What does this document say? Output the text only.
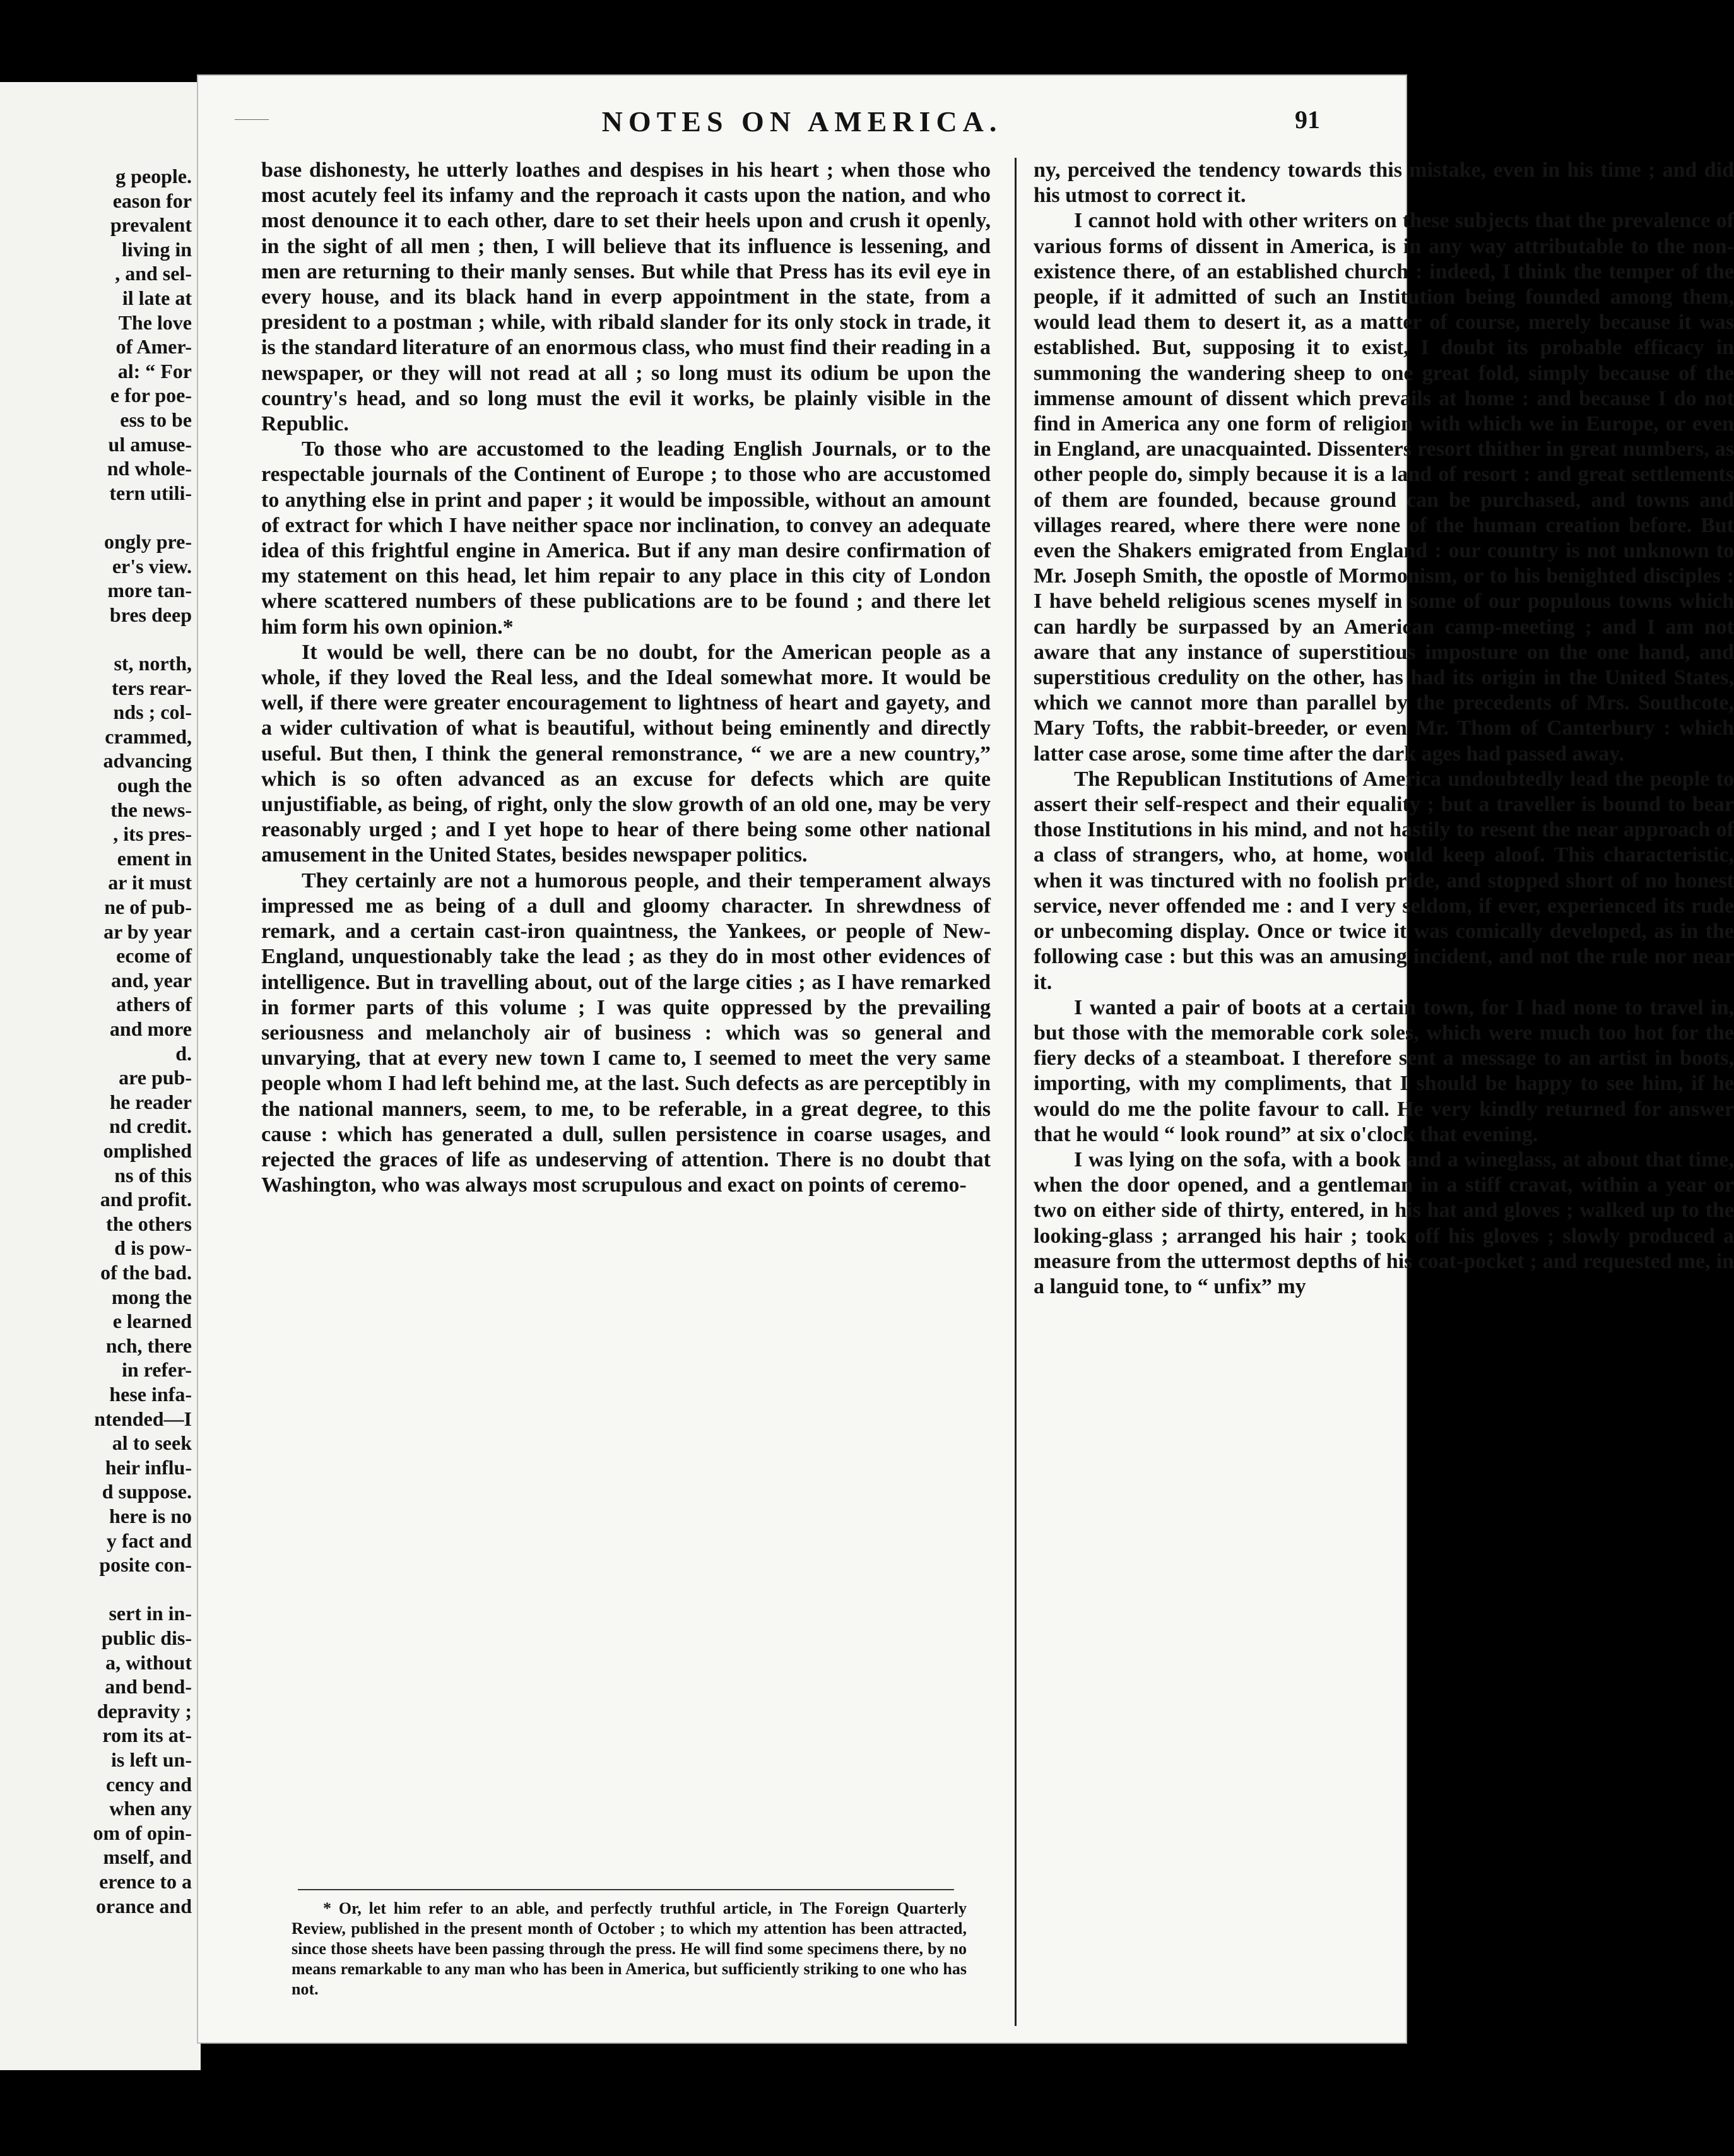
g people.
eason for
prevalent
living in
, and sel-
il late at
The love
of Amer-
al: “ For
e for poe-
ess to be
ul amuse-
nd whole-
tern utili-
ongly pre-
er's view.
more tan-
bres deep
st, north,
ters rear-
nds ; col-
crammed,
advancing
ough the
the news-
, its pres-
ement in
ar it must
ne of pub-
ar by year
ecome of
and, year
athers of
and more
d.
are pub-
he reader
nd credit.
omplished
ns of this
and profit.
the others
d is pow-
of the bad.
mong the
e learned
nch, there
in refer-
hese infa-
ntended—I
al to seek
heir influ-
d suppose.
here is no
y fact and
posite con-
sert in in-
public dis-
a, without
and bend-
depravity ;
rom its at-
is left un-
cency and
when any
om of opin-
mself, and
erence to a
orance and
———	NOTES ON AMERICA.	91

base dishonesty, he utterly loathes and despises in his heart ; when those who most acutely feel its infamy and the reproach it casts upon the nation, and who most denounce it to each other, dare to set their heels upon and crush it openly, in the sight of all men ; then, I will believe that its influence is lessening, and men are returning to their manly senses. But while that Press has its evil eye in every house, and its black hand in everp appointment in the state, from a president to a postman ; while, with ribald slander for its only stock in trade, it is the standard literature of an enormous class, who must find their reading in a newspaper, or they will not read at all ; so long must its odium be upon the country's head, and so long must the evil it works, be plainly visible in the Republic.

To those who are accustomed to the leading English Journals, or to the respectable journals of the Continent of Europe ; to those who are accustomed to anything else in print and paper ; it would be impossible, without an amount of extract for which I have neither space nor inclination, to convey an adequate idea of this frightful engine in America. But if any man desire confirmation of my statement on this head, let him repair to any place in this city of London where scattered numbers of these publications are to be found ; and there let him form his own opinion.*

It would be well, there can be no doubt, for the American people as a whole, if they loved the Real less, and the Ideal somewhat more. It would be well, if there were greater encouragement to lightness of heart and gayety, and a wider cultivation of what is beautiful, without being eminently and directly useful. But then, I think the general remonstrance, “ we are a new country,” which is so often advanced as an excuse for defects which are quite unjustifiable, as being, of right, only the slow growth of an old one, may be very reasonably urged ; and I yet hope to hear of there being some other national amusement in the United States, besides newspaper politics.

They certainly are not a humorous people, and their temperament always impressed me as being of a dull and gloomy character. In shrewdness of remark, and a certain cast-iron quaintness, the Yankees, or people of New-England, unquestionably take the lead ; as they do in most other evidences of intelligence. But in travelling about, out of the large cities ; as I have remarked in former parts of this volume ; I was quite oppressed by the prevailing seriousness and melancholy air of business : which was so general and unvarying, that at every new town I came to, I seemed to meet the very same people whom I had left behind me, at the last. Such defects as are perceptibly in the national manners, seem, to me, to be referable, in a great degree, to this cause : which has generated a dull, sullen persistence in coarse usages, and rejected the graces of life as undeserving of attention. There is no doubt that Washington, who was always most scrupulous and exact on points of ceremo-

ny, perceived the tendency towards this mistake, even in his time ; and did his utmost to correct it.

I cannot hold with other writers on these subjects that the prevalence of various forms of dissent in America, is in any way attributable to the non-existence there, of an established church : indeed, I think the temper of the people, if it admitted of such an Institution being founded among them, would lead them to desert it, as a matter of course, merely because it was established. But, supposing it to exist, I doubt its probable efficacy in summoning the wandering sheep to one great fold, simply because of the immense amount of dissent which prevails at home : and because I do not find in America any one form of religion with which we in Europe, or even in England, are unacquainted. Dissenters resort thither in great numbers, as other people do, simply because it is a land of resort : and great settlements of them are founded, because ground can be purchased, and towns and villages reared, where there were none of the human creation before. But even the Shakers emigrated from England : our country is not unknown to Mr. Joseph Smith, the opostle of Mormonism, or to his benighted disciples : I have beheld religious scenes myself in some of our populous towns which can hardly be surpassed by an American camp-meeting ; and I am not aware that any instance of superstitious imposture on the one hand, and superstitious credulity on the other, has had its origin in the United States, which we cannot more than parallel by the precedents of Mrs. Southcote, Mary Tofts, the rabbit-breeder, or even Mr. Thom of Canterbury : which latter case arose, some time after the dark ages had passed away.

The Republican Institutions of America undoubtedly lead the people to assert their self-respect and their equality ; but a traveller is bound to bear those Institutions in his mind, and not hastily to resent the near approach of a class of strangers, who, at home, would keep aloof. This characteristic, when it was tinctured with no foolish pride, and stopped short of no honest service, never offended me : and I very seldom, if ever, experienced its rude or unbecoming display. Once or twice it was comically developed, as in the following case : but this was an amusing incident, and not the rule nor near it.

I wanted a pair of boots at a certain town, for I had none to travel in, but those with the memorable cork soles, which were much too hot for the fiery decks of a steamboat. I therefore sent a message to an artist in boots, importing, with my compliments, that I should be happy to see him, if he would do me the polite favour to call. He very kindly returned for answer that he would “ look round” at six o'clock that evening.

I was lying on the sofa, with a book and a wineglass, at about that time, when the door opened, and a gentleman in a stiff cravat, within a year or two on either side of thirty, entered, in his hat and gloves ; walked up to the looking-glass ; arranged his hair ; took off his gloves ; slowly produced a measure from the uttermost depths of his coat-pocket ; and requested me, in a languid tone, to “ unfix” my

* Or, let him refer to an able, and perfectly truthful article, in The Foreign Quarterly Review, published in the present month of October ; to which my attention has been attracted, since those sheets have been passing through the press. He will find some specimens there, by no means remarkable to any man who has been in America, but sufficiently striking to one who has not.
